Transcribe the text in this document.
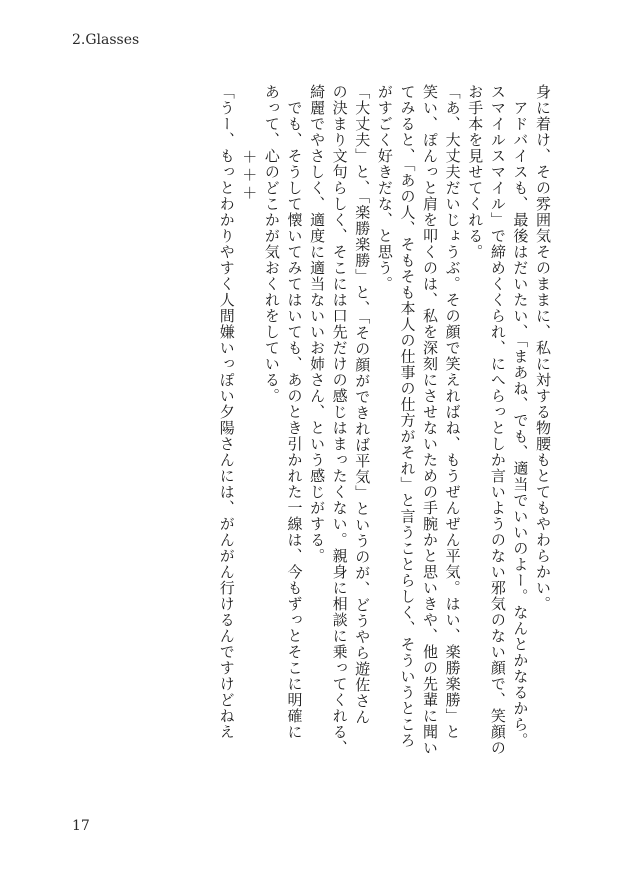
2.Glasses

身に着け、その雰囲気そのままに、私に対する物腰もとてもやわらかい。

　アドバイスも、最後はだいたい、「まあね、でも、適当でいいのよー。なんとかなるから。

スマイルスマイル」で締めくくられ、にへらっとしか言いようのない邪気のない顔で、笑顔の

お手本を見せてくれる。

「あ、大丈夫だいじょうぶ。その顔で笑えればね、もうぜんぜん平気。はい、楽勝楽勝」と

笑い、ぽんっと肩を叩くのは、私を深刻にさせないための手腕かと思いきや、他の先輩に聞い

てみると、「あの人、そもそも本人の仕事の仕方がそれ」と言うことらしく、そういうところ

がすごく好きだな、と思う。

「大丈夫」と、「楽勝楽勝」と、「その顔ができれば平気」というのが、どうやら遊佐さん

の決まり文句らしく、そこには口先だけの感じはまったくない。親身に相談に乗ってくれる、

綺麗でやさしく、適度に適当ないいお姉さん、という感じがする。

　でも、そうして懐いてみてはいても、あのとき引かれた一線は、今もずっとそこに明確に

あって、心のどこかが気おくれをしている。

＋＋＋

「うー、もっとわかりやすく人間嫌いっぽい夕陽さんには、がんがん行けるんですけどねえ

17
